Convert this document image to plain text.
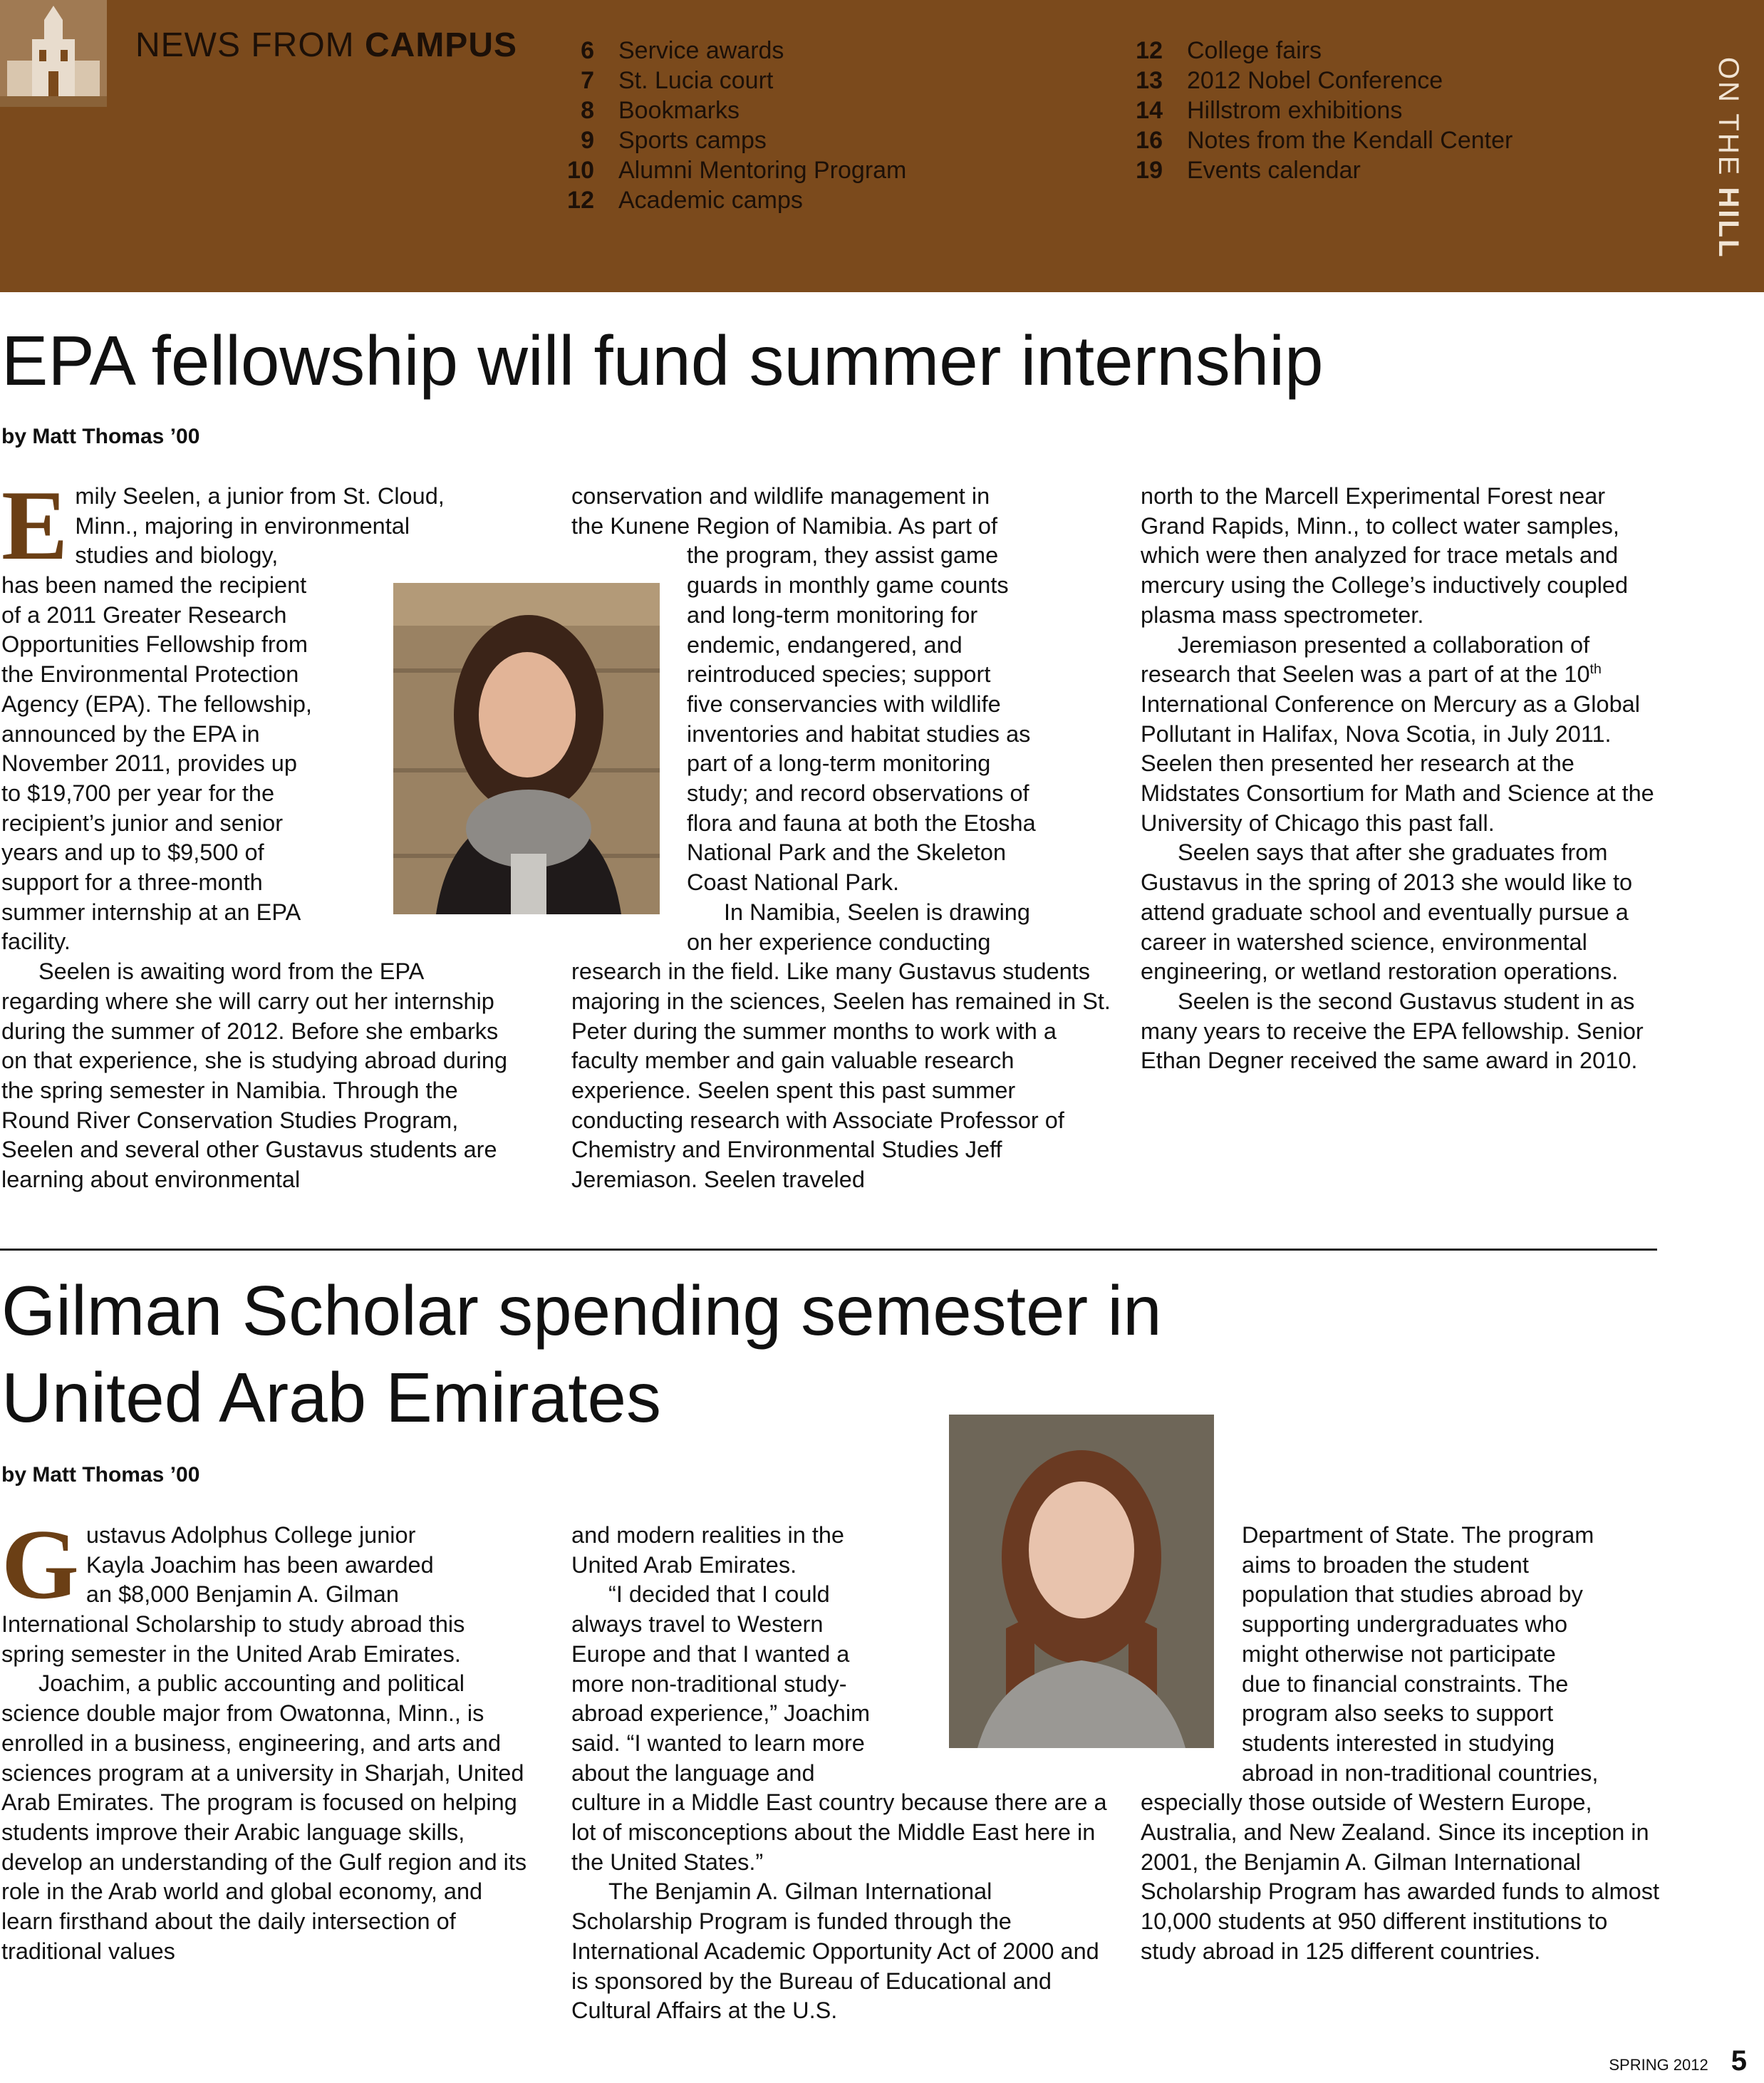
NEWS FROM CAMPUS	6 Service awards
7 St. Lucia court
8 Bookmarks
9 Sports camps
10 Alumni Mentoring Program
12 Academic camps
12 College fairs
13 2012 Nobel Conference
14 Hillstrom exhibitions
16 Notes from the Kendall Center
19 Events calendar	ON THE HILL
EPA fellowship will fund summer internship
by Matt Thomas ’00
E mily Seelen, a junior from St. Cloud,
Minn., majoring in environmental
studies and biology,
has been named the recipient
of a 2011 Greater Research
Opportunities Fellowship from
the Environmental Protection
Agency (EPA). The fellowship,
announced by the EPA in
November 2011, provides up
to $19,700 per year for the
recipient’s junior and senior
years and up to $9,500 of
support for a three-month
summer internship at an EPA
facility.

Seelen is awaiting word from the EPA regarding where she will carry out her internship during the summer of 2012. Before she embarks on that experience, she is studying abroad during the spring semester in Namibia. Through the Round River Conservation Studies Program, Seelen and several other Gustavus students are learning about environmental

conservation and wildlife management in
the Kunene Region of Namibia. As part of
the program, they assist game
guards in monthly game counts
and long-term monitoring for
endemic, endangered, and
reintroduced species; support
five conservancies with wildlife
inventories and habitat studies as
part of a long-term monitoring
study; and record observations of
flora and fauna at both the Etosha
National Park and the Skeleton
Coast National Park.
In Namibia, Seelen is drawing
on her experience conducting

research in the field. Like many Gustavus students majoring in the sciences, Seelen has remained in St. Peter during the summer months to work with a faculty member and gain valuable research experience. Seelen spent this past summer conducting research with Associate Professor of Chemistry and Environmental Studies Jeff Jeremiason. Seelen traveled

north to the Marcell Experimental Forest near Grand Rapids, Minn., to collect water samples, which were then analyzed for trace metals and mercury using the College’s inductively coupled plasma mass spectrometer.

Jeremiason presented a collaboration of research that Seelen was a part of at the 10th International Conference on Mercury as a Global Pollutant in Halifax, Nova Scotia, in July 2011. Seelen then presented her research at the Midstates Consortium for Math and Science at the University of Chicago this past fall.

Seelen says that after she graduates from Gustavus in the spring of 2013 she would like to attend graduate school and eventually pursue a career in watershed science, environmental engineering, or wetland restoration operations.

Seelen is the second Gustavus student in as many years to receive the EPA fellowship. Senior Ethan Degner received the same award in 2010.

Gilman Scholar spending semester in
United Arab Emirates
by Matt Thomas ’00
G ustavus Adolphus College junior
Kayla Joachim has been awarded
an $8,000 Benjamin A. Gilman

International Scholarship to study abroad this spring semester in the United Arab Emirates.

Joachim, a public accounting and political science double major from Owatonna, Minn., is enrolled in a business, engineering, and arts and sciences program at a university in Sharjah, United Arab Emirates. The program is focused on helping students improve their Arabic language skills, develop an understanding of the Gulf region and its role in the Arab world and global economy, and learn firsthand about the daily intersection of traditional values

and modern realities in the
United Arab Emirates.
“I decided that I could
always travel to Western
Europe and that I wanted a
more non-traditional study-
abroad experience,” Joachim
said. “I wanted to learn more
about the language and

culture in a Middle East country because there are a lot of misconceptions about the Middle East here in the United States.”

The Benjamin A. Gilman International Scholarship Program is funded through the International Academic Opportunity Act of 2000 and is sponsored by the Bureau of Educational and Cultural Affairs at the U.S.

Department of State. The program
aims to broaden the student
population that studies abroad by
supporting undergraduates who
might otherwise not participate
due to financial constraints. The
program also seeks to support
students interested in studying
abroad in non-traditional countries,

especially those outside of Western Europe, Australia, and New Zealand. Since its inception in 2001, the Benjamin A. Gilman International Scholarship Program has awarded funds to almost 10,000 students at 950 different institutions to study abroad in 125 different countries.

SPRING 2012 5
